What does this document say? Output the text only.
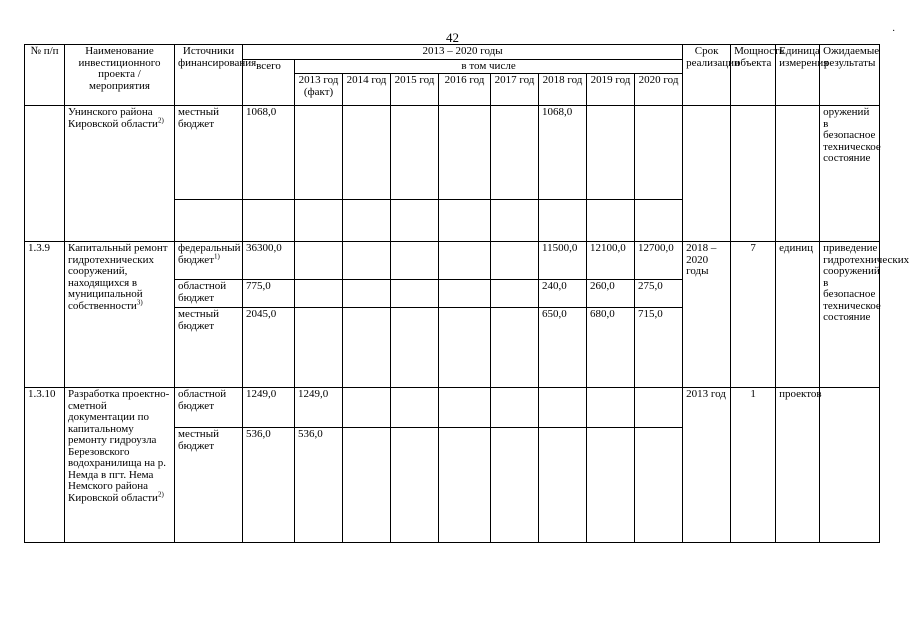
42	·
№ п/п	Наименование инвестиционного проекта / мероприятия	Источники финансирования	2013 – 2020 годы									Срок реализации	Мощность объекта	Единица измерения	Ожидаемые результаты
			всего	в том числе											
				2013 год (факт)	2014 год	2015 год	2016 год	2017 год	2018 год	2019 год	2020 год				
	Унинского района Кировской области$^{2)}$	местный бюджет	1068,0						1068,0						оружений в безопасное техническое состояние

1.3.9	Капитальный ремонт гидротехнических сооружений, находящихся в муниципальной собственности$^{3)}$	федеральный бюджет$^{1)}$	36300,0						11500,0	12100,0	12700,0	2018 – 2020 годы	7	единиц	приведение гидротехнических сооружений в безопасное техническое состояние
		областной бюджет	775,0						240,0	260,0	275,0				
		местный бюджет	2045,0						650,0	680,0	715,0				
1.3.10	Разработка проектно-сметной документации по капитальному ремонту гидроузла Березовского водохранилища на р. Немда в пгт. Нема Немского района Кировской области$^{2)}$	областной бюджет	1249,0	1249,0								2013 год	1	проектов	
		местный бюджет	536,0	536,0											
